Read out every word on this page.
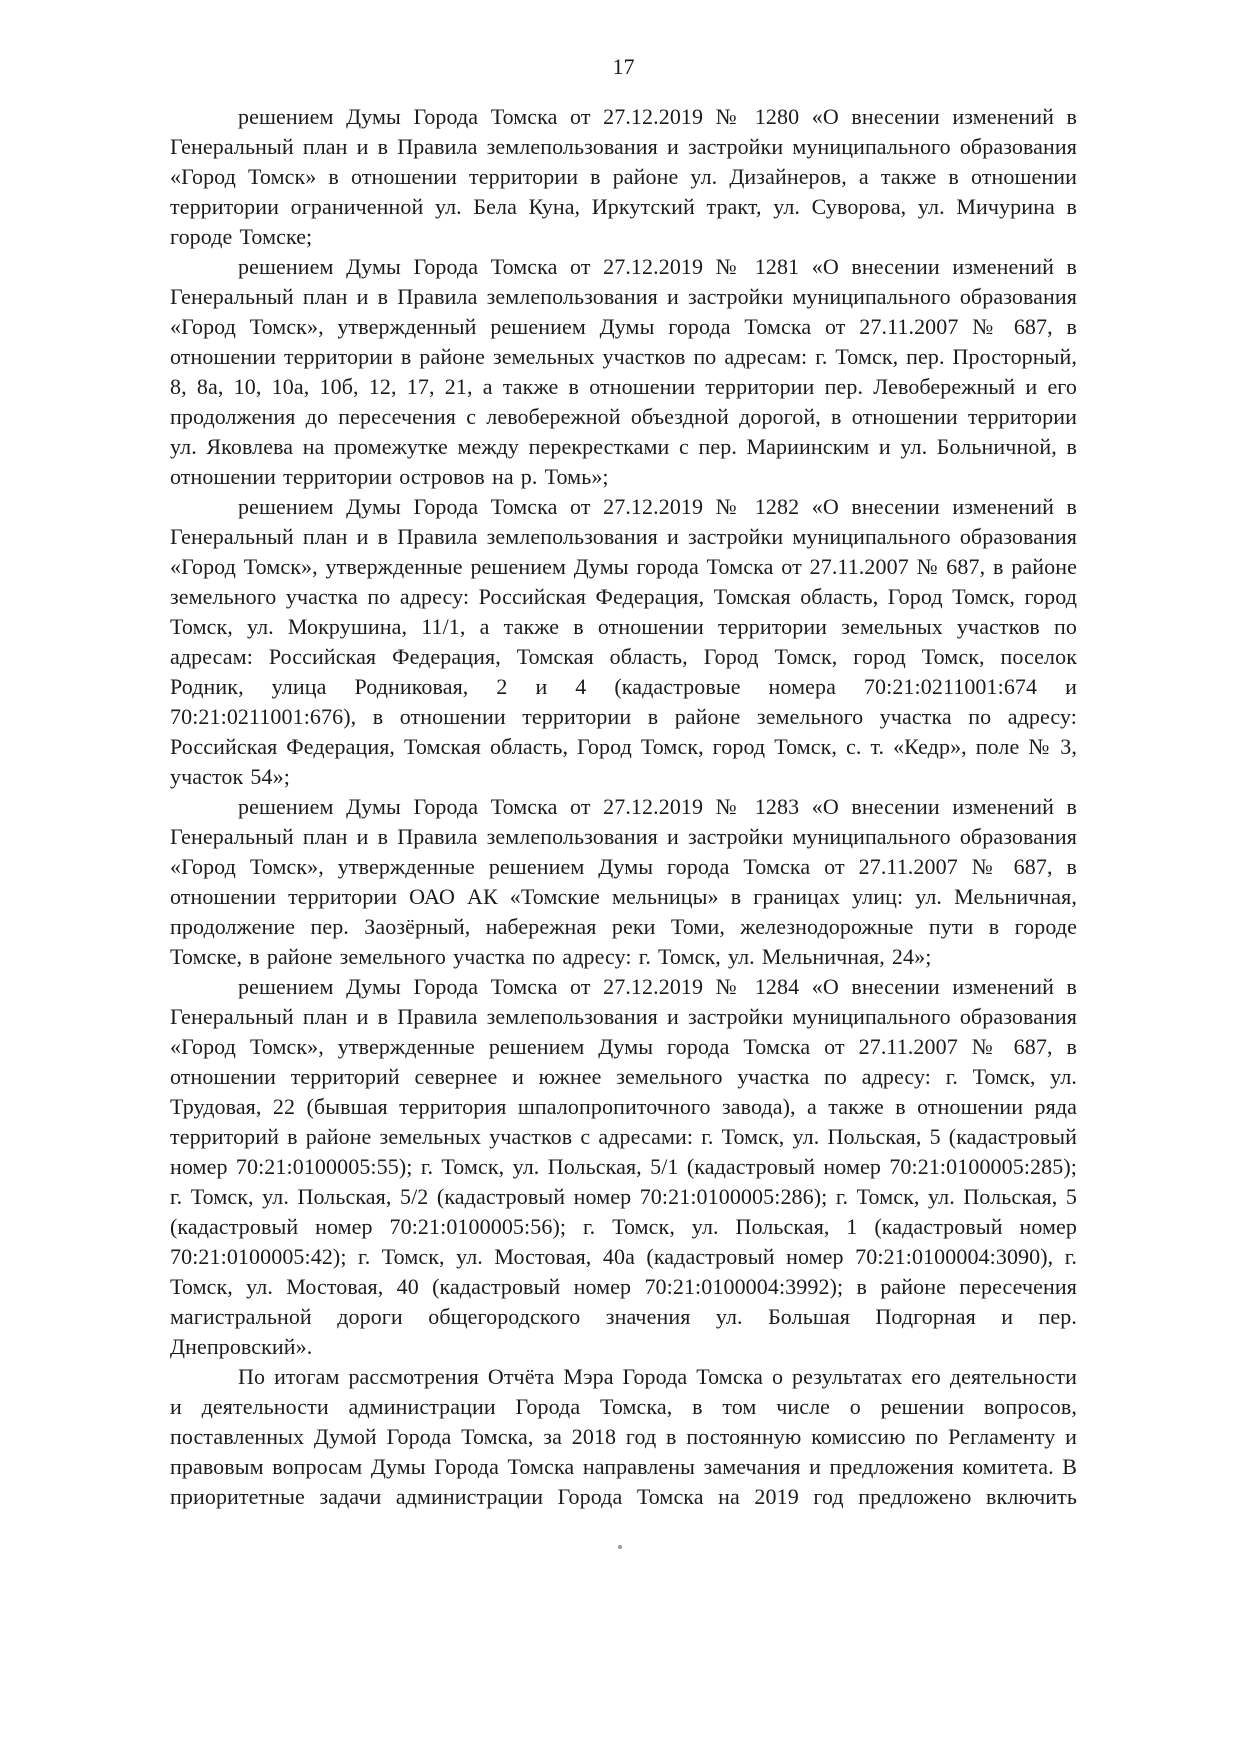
17

решением Думы Города Томска от 27.12.2019 № 1280 «О внесении изменений в Генеральный план и в Правила землепользования и застройки муниципального образования «Город Томск» в отношении территории в районе ул. Дизайнеров, а также в отношении территории ограниченной ул. Бела Куна, Иркутский тракт, ул. Суворова, ул. Мичурина в городе Томске;

решением Думы Города Томска от 27.12.2019 № 1281 «О внесении изменений в Генеральный план и в Правила землепользования и застройки муниципального образования «Город Томск», утвержденный решением Думы города Томска от 27.11.2007 № 687, в отношении территории в районе земельных участков по адресам: г. Томск, пер. Просторный, 8, 8а, 10, 10а, 10б, 12, 17, 21, а также в отношении территории пер. Левобережный и его продолжения до пересечения с левобережной объездной дорогой, в отношении территории ул. Яковлева на промежутке между перекрестками с пер. Мариинским и ул. Больничной, в отношении территории островов на р. Томь»;

решением Думы Города Томска от 27.12.2019 № 1282 «О внесении изменений в Генеральный план и в Правила землепользования и застройки муниципального образования «Город Томск», утвержденные решением Думы города Томска от 27.11.2007 № 687, в районе земельного участка по адресу: Российская Федерация, Томская область, Город Томск, город Томск, ул. Мокрушина, 11/1, а также в отношении территории земельных участков по адресам: Российская Федерация, Томская область, Город Томск, город Томск, поселок Родник, улица Родниковая, 2 и 4 (кадастровые номера 70:21:0211001:674 и 70:21:0211001:676), в отношении территории в районе земельного участка по адресу: Российская Федерация, Томская область, Город Томск, город Томск, с. т. «Кедр», поле № 3, участок 54»;

решением Думы Города Томска от 27.12.2019 № 1283 «О внесении изменений в Генеральный план и в Правила землепользования и застройки муниципального образования «Город Томск», утвержденные решением Думы города Томска от 27.11.2007 № 687, в отношении территории ОАО АК «Томские мельницы» в границах улиц: ул. Мельничная, продолжение пер. Заозёрный, набережная реки Томи, железнодорожные пути в городе Томске, в районе земельного участка по адресу: г. Томск, ул. Мельничная, 24»;

решением Думы Города Томска от 27.12.2019 № 1284 «О внесении изменений в Генеральный план и в Правила землепользования и застройки муниципального образования «Город Томск», утвержденные решением Думы города Томска от 27.11.2007 № 687, в отношении территорий севернее и южнее земельного участка по адресу: г. Томск, ул. Трудовая, 22 (бывшая территория шпалопропиточного завода), а также в отношении ряда территорий в районе земельных участков с адресами: г. Томск, ул. Польская, 5 (кадастровый номер 70:21:0100005:55); г. Томск, ул. Польская, 5/1 (кадастровый номер 70:21:0100005:285); г. Томск, ул. Польская, 5/2 (кадастровый номер 70:21:0100005:286); г. Томск, ул. Польская, 5 (кадастровый номер 70:21:0100005:56); г. Томск, ул. Польская, 1 (кадастровый номер 70:21:0100005:42); г. Томск, ул. Мостовая, 40а (кадастровый номер 70:21:0100004:3090), г. Томск, ул. Мостовая, 40 (кадастровый номер 70:21:0100004:3992); в районе пересечения магистральной дороги общегородского значения ул. Большая Подгорная и пер. Днепровский».

По итогам рассмотрения Отчёта Мэра Города Томска о результатах его деятельности и деятельности администрации Города Томска, в том числе о решении вопросов, поставленных Думой Города Томска, за 2018 год в постоянную комиссию по Регламенту и правовым вопросам Думы Города Томска направлены замечания и предложения комитета. В приоритетные задачи администрации Города Томска на 2019 год предложено включить
